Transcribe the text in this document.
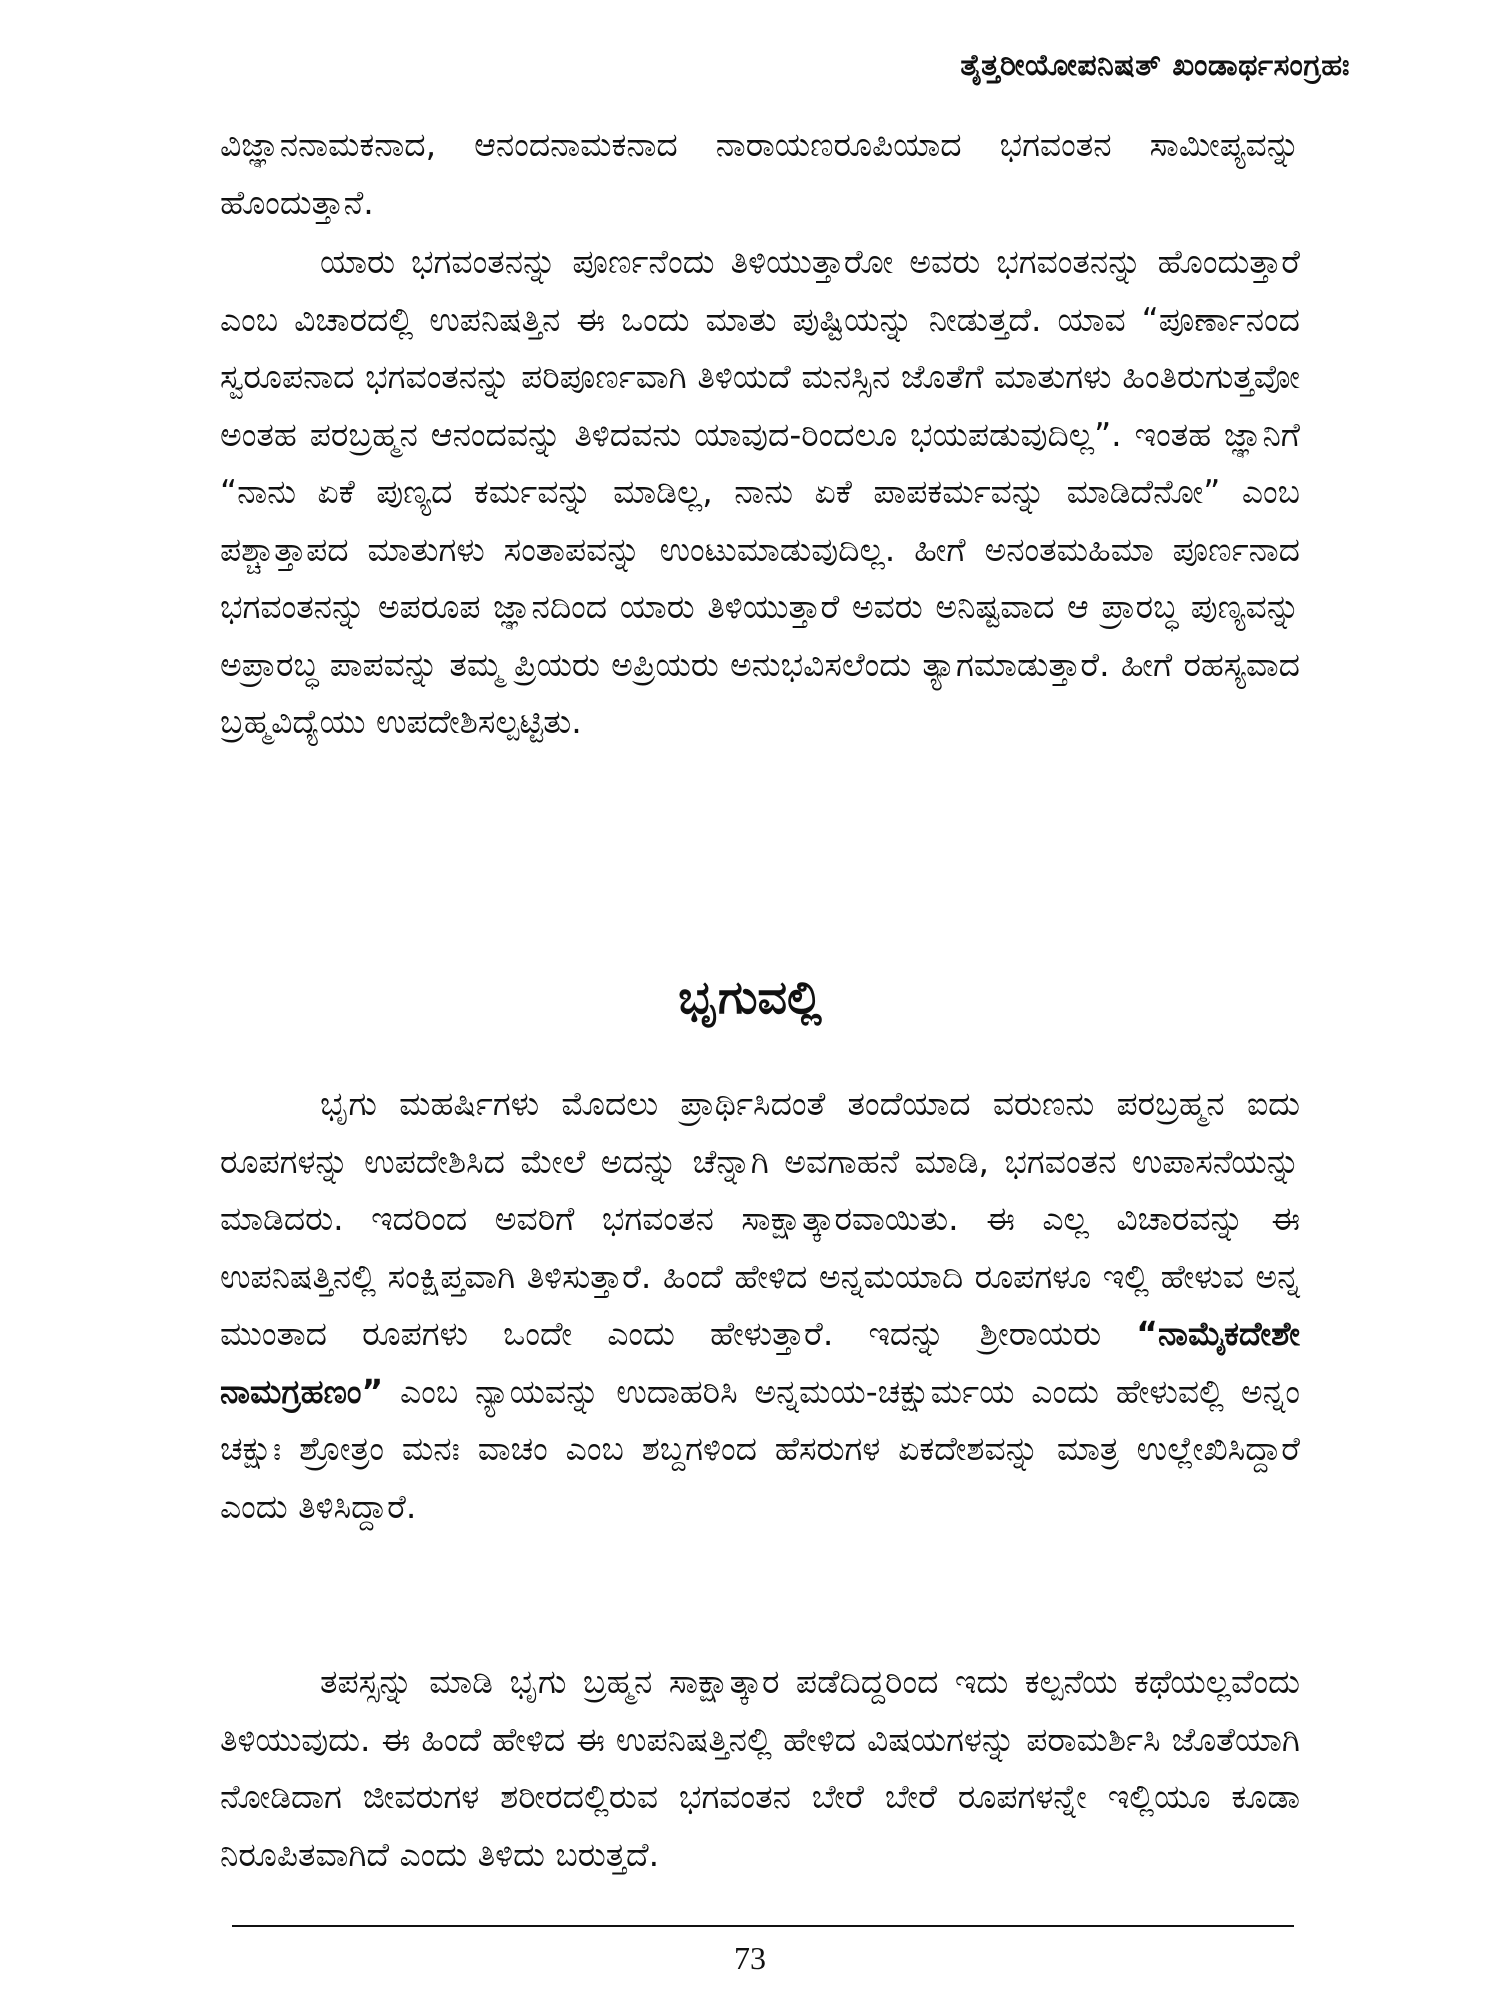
ತೈತ್ತರೀಯೋಪನಿಷತ್ ಖಂಡಾರ್ಥಸಂಗ್ರಹಃ

ವಿಜ್ಞಾನನಾಮಕನಾದ, ಆನಂದನಾಮಕನಾದ ನಾರಾಯಣರೂಪಿಯಾದ ಭಗವಂತನ ಸಾಮೀಪ್ಯವನ್ನು ಹೊಂದುತ್ತಾನೆ.

ಯಾರು ಭಗವಂತನನ್ನು ಪೂರ್ಣನೆಂದು ತಿಳಿಯುತ್ತಾರೋ ಅವರು ಭಗವಂತನನ್ನು ಹೊಂದುತ್ತಾರೆ ಎಂಬ ವಿಚಾರದಲ್ಲಿ ಉಪನಿಷತ್ತಿನ ಈ ಒಂದು ಮಾತು ಪುಷ್ಟಿಯನ್ನು ನೀಡುತ್ತದೆ. ಯಾವ “ಪೂರ್ಣಾನಂದ ಸ್ವರೂಪನಾದ ಭಗವಂತನನ್ನು ಪರಿಪೂರ್ಣವಾಗಿ ತಿಳಿಯದೆ ಮನಸ್ಸಿನ ಜೊತೆಗೆ ಮಾತುಗಳು ಹಿಂತಿರುಗುತ್ತವೋ ಅಂತಹ ಪರಬ್ರಹ್ಮನ ಆನಂದವನ್ನು ತಿಳಿದವನು ಯಾವುದ-ರಿಂದಲೂ ಭಯಪಡುವುದಿಲ್ಲ”. ಇಂತಹ ಜ್ಞಾನಿಗೆ “ನಾನು ಏಕೆ ಪುಣ್ಯದ ಕರ್ಮವನ್ನು ಮಾಡಿಲ್ಲ, ನಾನು ಏಕೆ ಪಾಪಕರ್ಮವನ್ನು ಮಾಡಿದೆನೋ” ಎಂಬ ಪಶ್ಚಾತ್ತಾಪದ ಮಾತುಗಳು ಸಂತಾಪವನ್ನು ಉಂಟುಮಾಡುವುದಿಲ್ಲ. ಹೀಗೆ ಅನಂತಮಹಿಮಾ ಪೂರ್ಣನಾದ ಭಗವಂತನನ್ನು ಅಪರೂಪ ಜ್ಞಾನದಿಂದ ಯಾರು ತಿಳಿಯುತ್ತಾರೆ ಅವರು ಅನಿಷ್ಟವಾದ ಆ ಪ್ರಾರಬ್ಧ ಪುಣ್ಯವನ್ನು ಅಪ್ರಾರಬ್ಧ ಪಾಪವನ್ನು ತಮ್ಮ ಪ್ರಿಯರು ಅಪ್ರಿಯರು ಅನುಭವಿಸಲೆಂದು ತ್ಯಾಗಮಾಡುತ್ತಾರೆ. ಹೀಗೆ ರಹಸ್ಯವಾದ ಬ್ರಹ್ಮವಿದ್ಯೆಯು ಉಪದೇಶಿಸಲ್ಪಟ್ಟಿತು.

ಭೃಗುವಲ್ಲಿ

ಭೃಗು ಮಹರ್ಷಿಗಳು ಮೊದಲು ಪ್ರಾರ್ಥಿಸಿದಂತೆ ತಂದೆಯಾದ ವರುಣನು ಪರಬ್ರಹ್ಮನ ಐದು ರೂಪಗಳನ್ನು ಉಪದೇಶಿಸಿದ ಮೇಲೆ ಅದನ್ನು ಚೆನ್ನಾಗಿ ಅವಗಾಹನೆ ಮಾಡಿ, ಭಗವಂತನ ಉಪಾಸನೆಯನ್ನು ಮಾಡಿದರು. ಇದರಿಂದ ಅವರಿಗೆ ಭಗವಂತನ ಸಾಕ್ಷಾತ್ಕಾರವಾಯಿತು. ಈ ಎಲ್ಲ ವಿಚಾರವನ್ನು ಈ ಉಪನಿಷತ್ತಿನಲ್ಲಿ ಸಂಕ್ಷಿಪ್ತವಾಗಿ ತಿಳಿಸುತ್ತಾರೆ. ಹಿಂದೆ ಹೇಳಿದ ಅನ್ನಮಯಾದಿ ರೂಪಗಳೂ ಇಲ್ಲಿ ಹೇಳುವ ಅನ್ನ ಮುಂತಾದ ರೂಪಗಳು ಒಂದೇ ಎಂದು ಹೇಳುತ್ತಾರೆ. ಇದನ್ನು ಶ್ರೀರಾಯರು “ನಾಮೈಕದೇಶೇ ನಾಮಗ್ರಹಣಂ” ಎಂಬ ನ್ಯಾಯವನ್ನು ಉದಾಹರಿಸಿ ಅನ್ನಮಯ-ಚಕ್ಷುರ್ಮಯ ಎಂದು ಹೇಳುವಲ್ಲಿ ಅನ್ನಂ ಚಕ್ಷುಃ ಶ್ರೋತ್ರಂ ಮನಃ ವಾಚಂ ಎಂಬ ಶಬ್ದಗಳಿಂದ ಹೆಸರುಗಳ ಏಕದೇಶವನ್ನು ಮಾತ್ರ ಉಲ್ಲೇಖಿಸಿದ್ದಾರೆ ಎಂದು ತಿಳಿಸಿದ್ದಾರೆ.

ತಪಸ್ಸನ್ನು ಮಾಡಿ ಭೃಗು ಬ್ರಹ್ಮನ ಸಾಕ್ಷಾತ್ಕಾರ ಪಡೆದಿದ್ದರಿಂದ ಇದು ಕಲ್ಪನೆಯ ಕಥೆಯಲ್ಲವೆಂದು ತಿಳಿಯುವುದು. ಈ ಹಿಂದೆ ಹೇಳಿದ ಈ ಉಪನಿಷತ್ತಿನಲ್ಲಿ ಹೇಳಿದ ವಿಷಯಗಳನ್ನು ಪರಾಮರ್ಶಿಸಿ ಜೊತೆಯಾಗಿ ನೋಡಿದಾಗ ಜೀವರುಗಳ ಶರೀರದಲ್ಲಿರುವ ಭಗವಂತನ ಬೇರೆ ಬೇರೆ ರೂಪಗಳನ್ನೇ ಇಲ್ಲಿಯೂ ಕೂಡಾ ನಿರೂಪಿತವಾಗಿದೆ ಎಂದು ತಿಳಿದು ಬರುತ್ತದೆ.

73
